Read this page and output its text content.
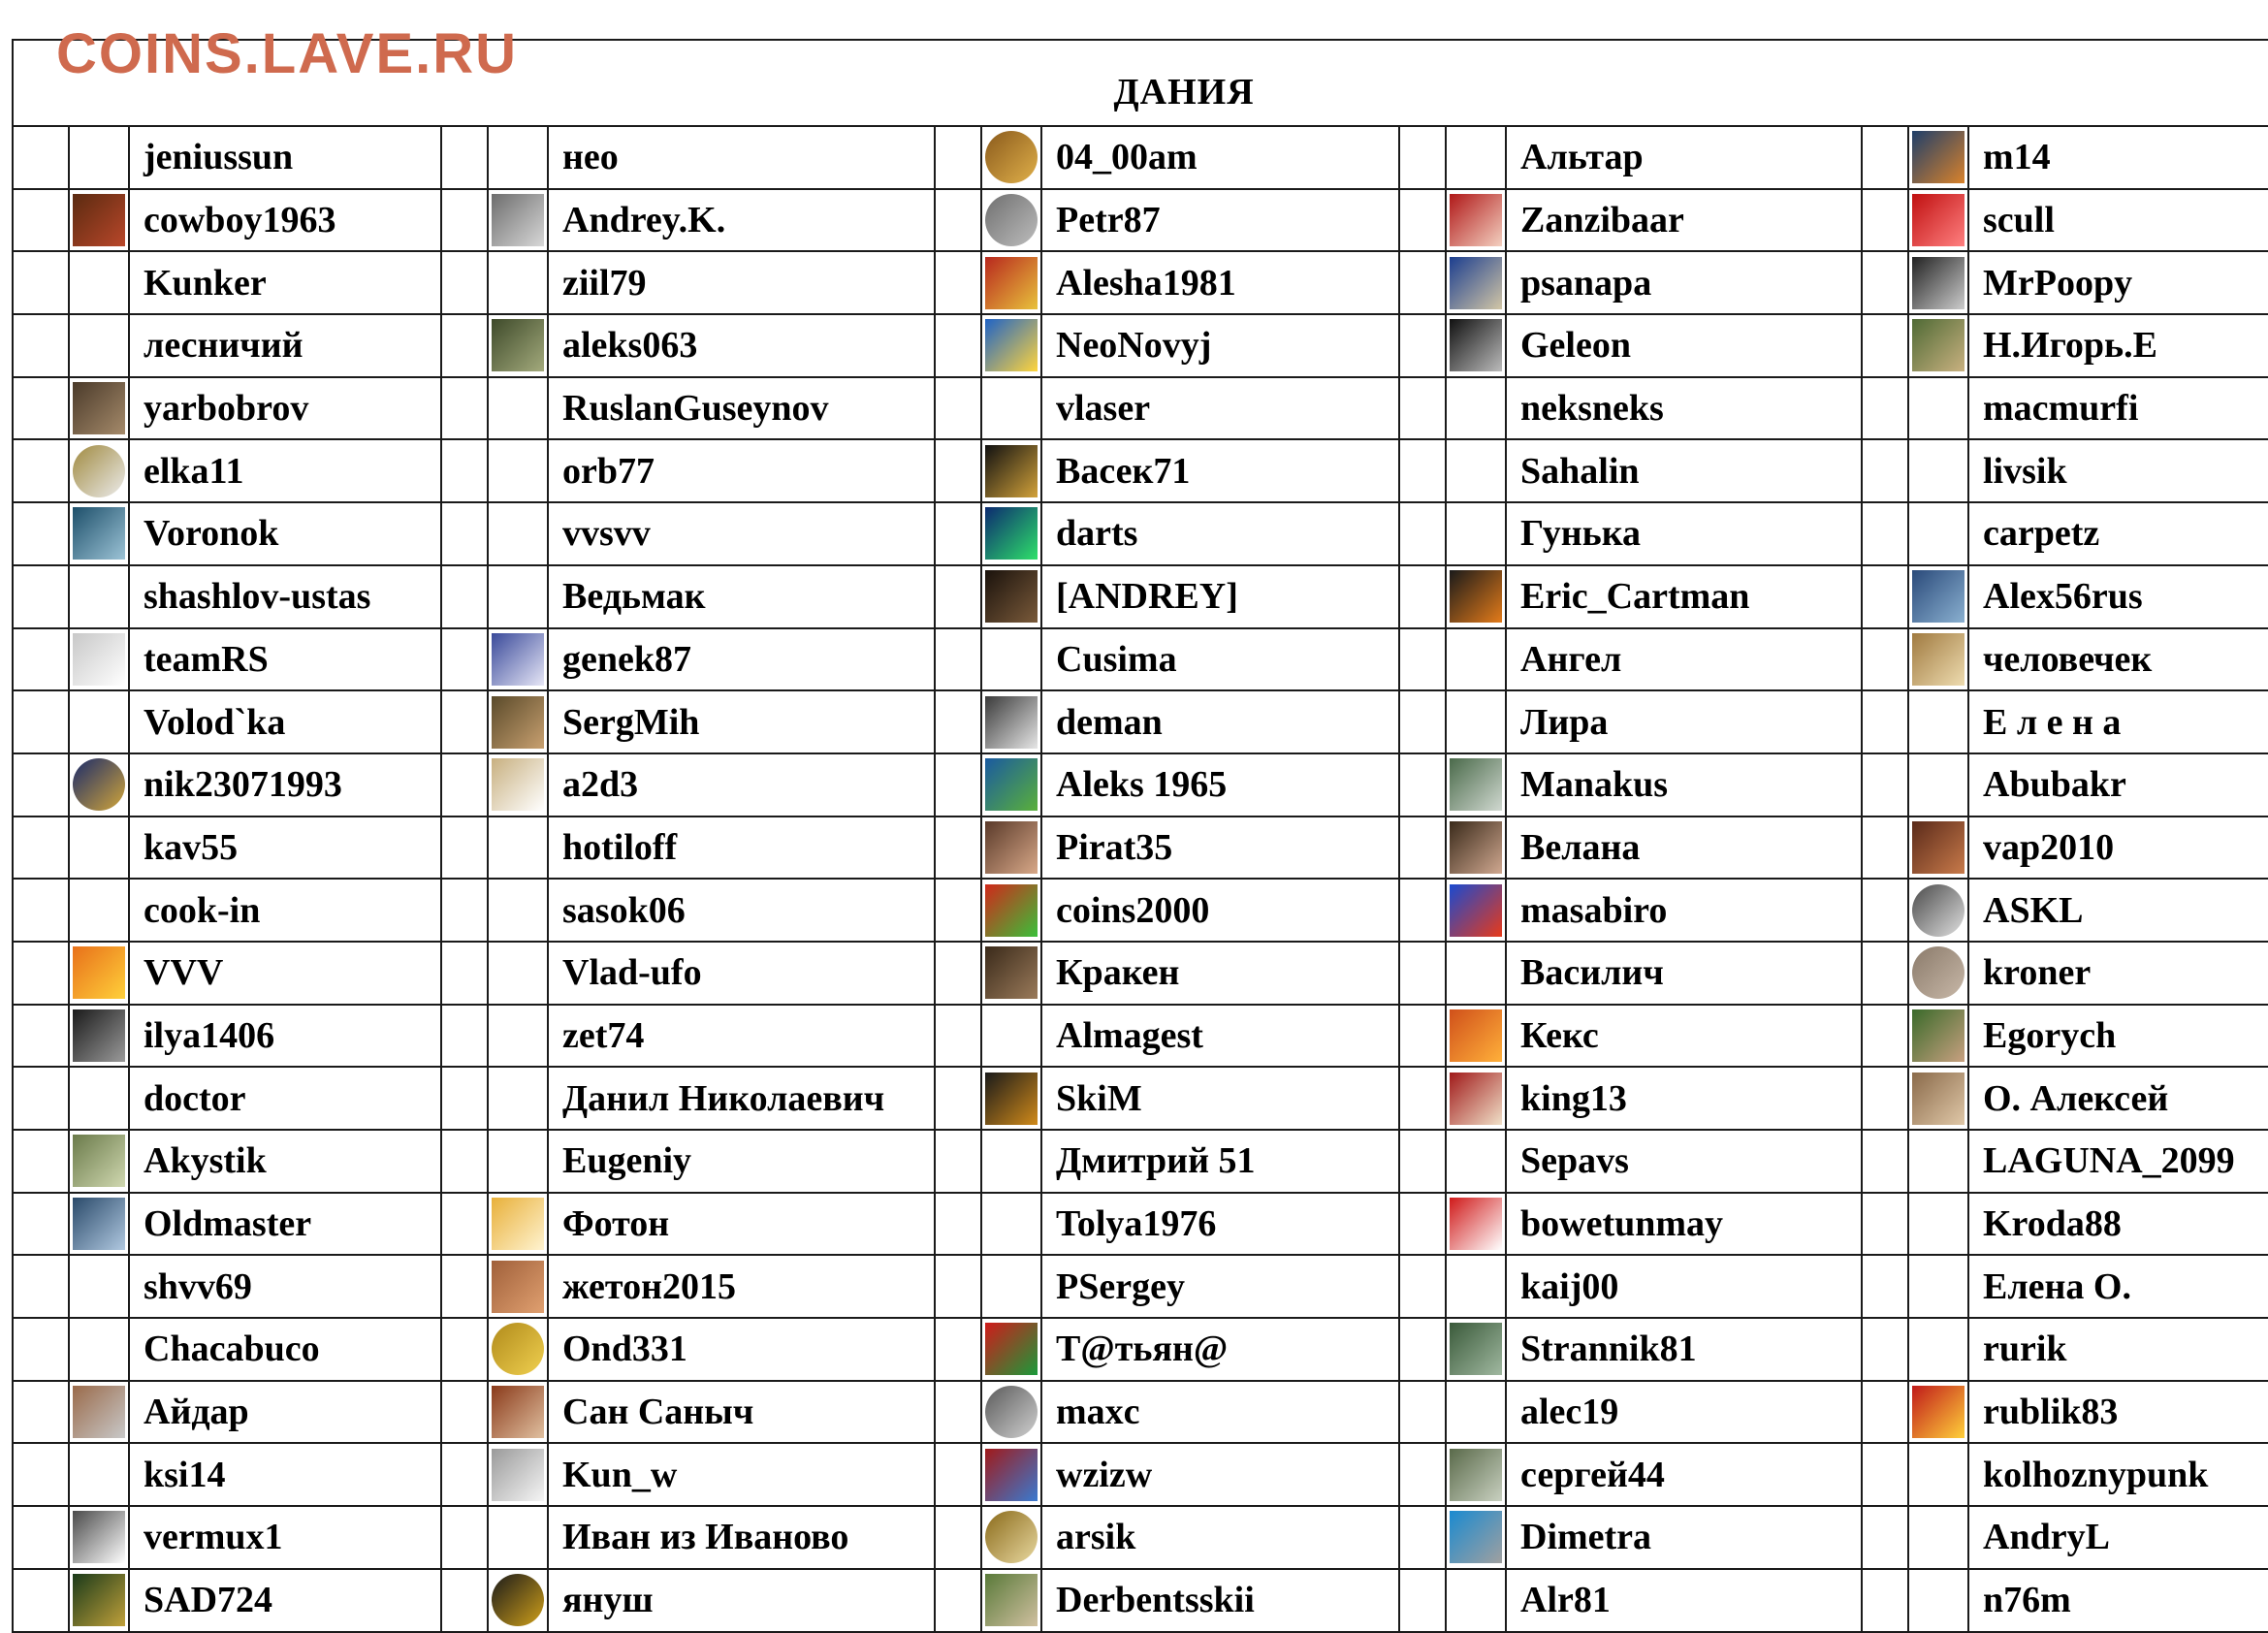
COINS.LAVE.RU
ДАНИЯ														
		jeniussun			нео			04_00am			Альтар			m14

	cowboy1963			Andrey.K.			Petr87			Zanzibaar			scull
		Kunker			ziil79			Alesha1981			psanapa			MrPoopy
		лесничий			aleks063			NeoNovyj			Geleon			Н.Игорь.Е

	yarbobrov			RuslanGuseynov			vlaser			neksneks			macmurfi

	elka11			orb77			Васек71			Sahalin			livsik

	Voronok			vvsvv			darts			Гунька			carpetz
		shashlov-ustas			Ведьмак			[ANDREY]			Eric_Cartman			Alex56rus

	teamRS			genek87			Cusima			Ангел			человечек
		Volod`ka			SergMih			deman			Лира			Е л е н а

	nik23071993			a2d3			Aleks 1965			Manakus			Abubakr
		kav55			hotiloff			Pirat35			Велана			vap2010
		cook-in			sasok06			coins2000			masabiro			ASKL

	VVV			Vlad-ufo			Кракен			Василич			kroner

	ilya1406			zet74			Almagest			Кекс			Egorych
		doctor			Данил Николаевич			SkiM			king13			О. Алексей

	Akystik			Eugeniy			Дмитрий 51			Sepavs			LAGUNA_2099

	Oldmaster			Фотон			Tolya1976			bowetunmay			Kroda88
		shvv69			жетон2015			PSergey			kaij00			Елена О.
		Chacabuco			Ond331			Т@тьян@			Strannik81			rurik

	Айдар			Сан Саныч			maxc			alec19			rublik83
		ksi14			Kun_w			wzizw			сергей44			kolhoznypunk

	vermux1			Иван из Иваново			arsik			Dimetra			AndryL

	SAD724			януш			Derbentsskii			Alr81			n76m
